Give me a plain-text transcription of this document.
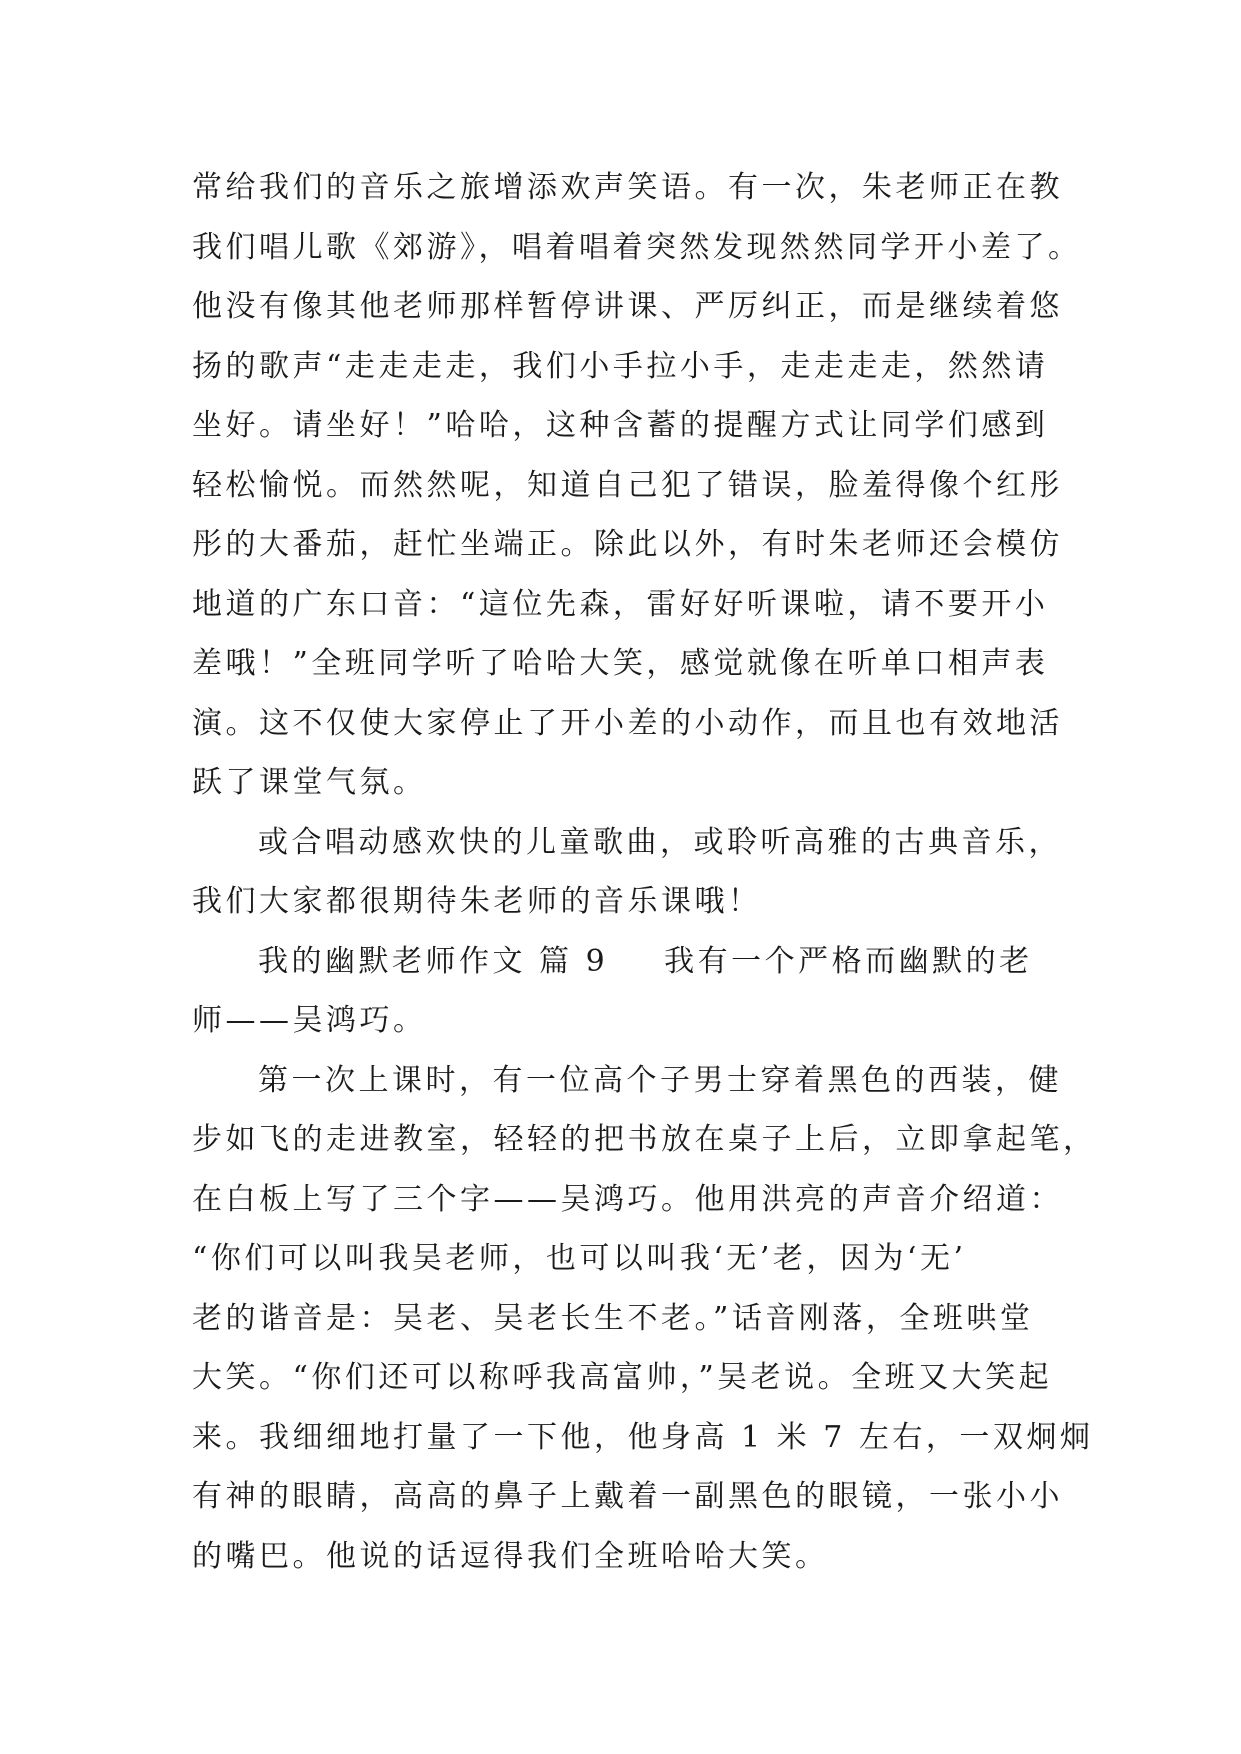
常给我们的音乐之旅增添欢声笑语。有一次，朱老师正在教
我们唱儿歌《郊游》，唱着唱着突然发现然然同学开小差了。
他没有像其他老师那样暂停讲课、严厉纠正，而是继续着悠
扬的歌声“走走走走，我们小手拉小手，走走走走，然然请
坐好。请坐好！”哈哈，这种含蓄的提醒方式让同学们感到
轻松愉悦。而然然呢，知道自己犯了错误，脸羞得像个红彤
彤的大番茄，赶忙坐端正。除此以外，有时朱老师还会模仿
地道的广东口音：“這位先森，雷好好听课啦，请不要开小
差哦！”全班同学听了哈哈大笑，感觉就像在听单口相声表
演。这不仅使大家停止了开小差的小动作，而且也有效地活
跃了课堂气氛。
或合唱动感欢快的儿童歌曲，或聆听高雅的古典音乐，
我们大家都很期待朱老师的音乐课哦！
我的幽默老师作文 篇 9 我有一个严格而幽默的老
师——吴鸿巧。
第一次上课时，有一位高个子男士穿着黑色的西装，健
步如飞的走进教室，轻轻的把书放在桌子上后，立即拿起笔，
在白板上写了三个字——吴鸿巧。他用洪亮的声音介绍道：
“你们可以叫我吴老师，也可以叫我‘无’老，因为‘无’
老的谐音是：吴老、吴老长生不老。”话音刚落，全班哄堂
大笑。“你们还可以称呼我高富帅，”吴老说。全班又大笑起
来。我细细地打量了一下他，他身高 1 米 7 左右，一双炯炯
有神的眼睛，高高的鼻子上戴着一副黑色的眼镜，一张小小
的嘴巴。他说的话逗得我们全班哈哈大笑。
